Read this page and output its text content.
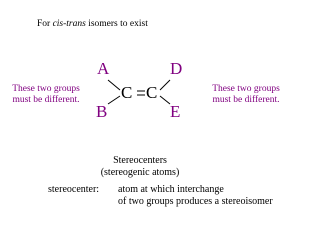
For cis-trans isomers to exist
These two groups
must be different.
These two groups
must be different.
A
B
D
E
C C
Stereocenters
(stereogenic atoms)
stereocenter: atom at which interchange
of two groups produces a stereoisomer
